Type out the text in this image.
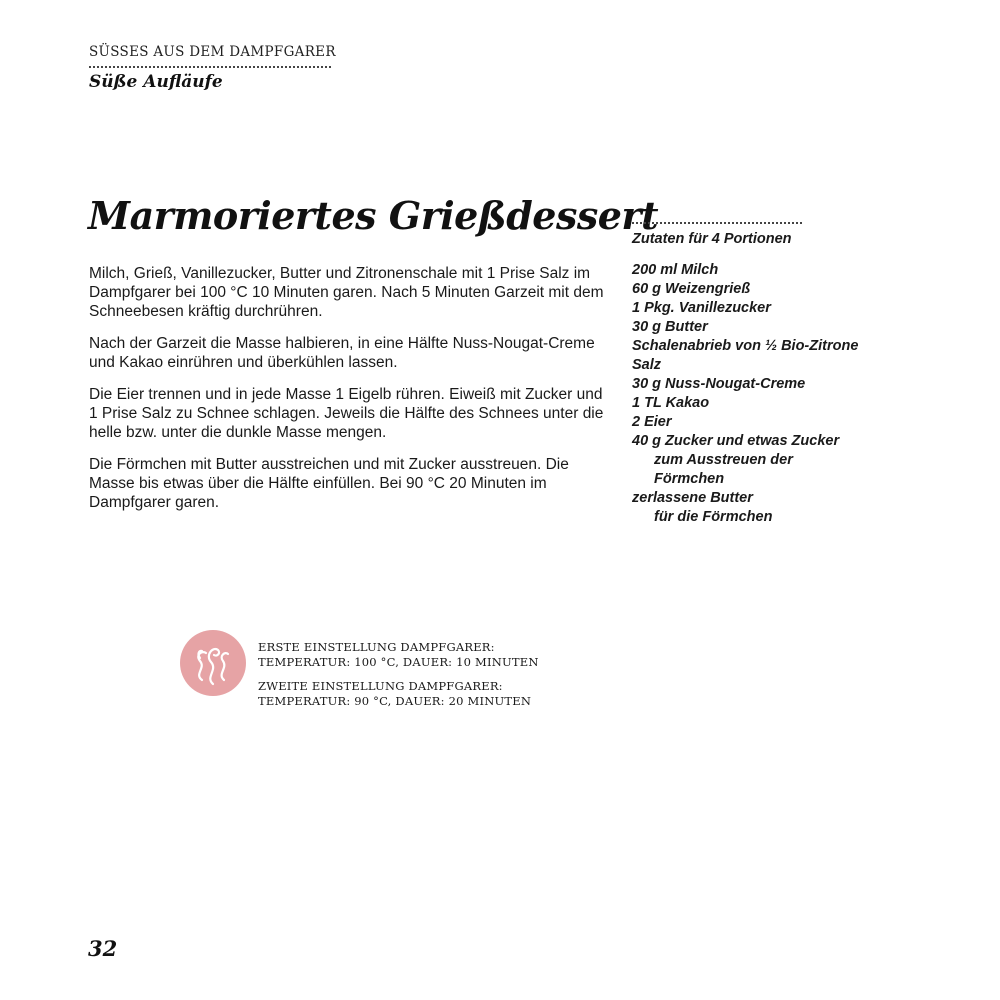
SÜSSES AUS DEM DAMPFGARER
Süße Aufläufe
Marmoriertes Grießdessert

Milch, Grieß, Vanillezucker, Butter und Zitronenschale mit 1 Prise Salz im Dampfgarer bei 100 °C 10 Minuten garen. Nach 5 Minuten Garzeit mit dem Schneebesen kräftig durchrühren.

Nach der Garzeit die Masse halbieren, in eine Hälfte Nuss-Nougat-Creme und Kakao einrühren und überkühlen lassen.

Die Eier trennen und in jede Masse 1 Eigelb rühren. Eiweiß mit Zucker und 1 Prise Salz zu Schnee schlagen. Jeweils die Hälfte des Schnees unter die helle bzw. unter die dunkle Masse mengen.

Die Förmchen mit Butter ausstreichen und mit Zucker ausstreuen. Die Masse bis etwas über die Hälfte einfüllen. Bei 90 °C 20 Minuten im Dampfgarer garen.

Zutaten für 4 Portionen
200 ml Milch
60 g Weizengrieß
1 Pkg. Vanillezucker
30 g Butter
Schalenabrieb von ½ Bio-Zitrone
Salz
30 g Nuss-Nougat-Creme
1 TL Kakao
2 Eier
40 g Zucker und etwas Zucker
zum Ausstreuen der
Förmchen
zerlassene Butter
für die Förmchen
ERSTE EINSTELLUNG DAMPFGARER:
TEMPERATUR: 100 °C, DAUER: 10 MINUTEN
ZWEITE EINSTELLUNG DAMPFGARER:
TEMPERATUR: 90 °C, DAUER: 20 MINUTEN
32
